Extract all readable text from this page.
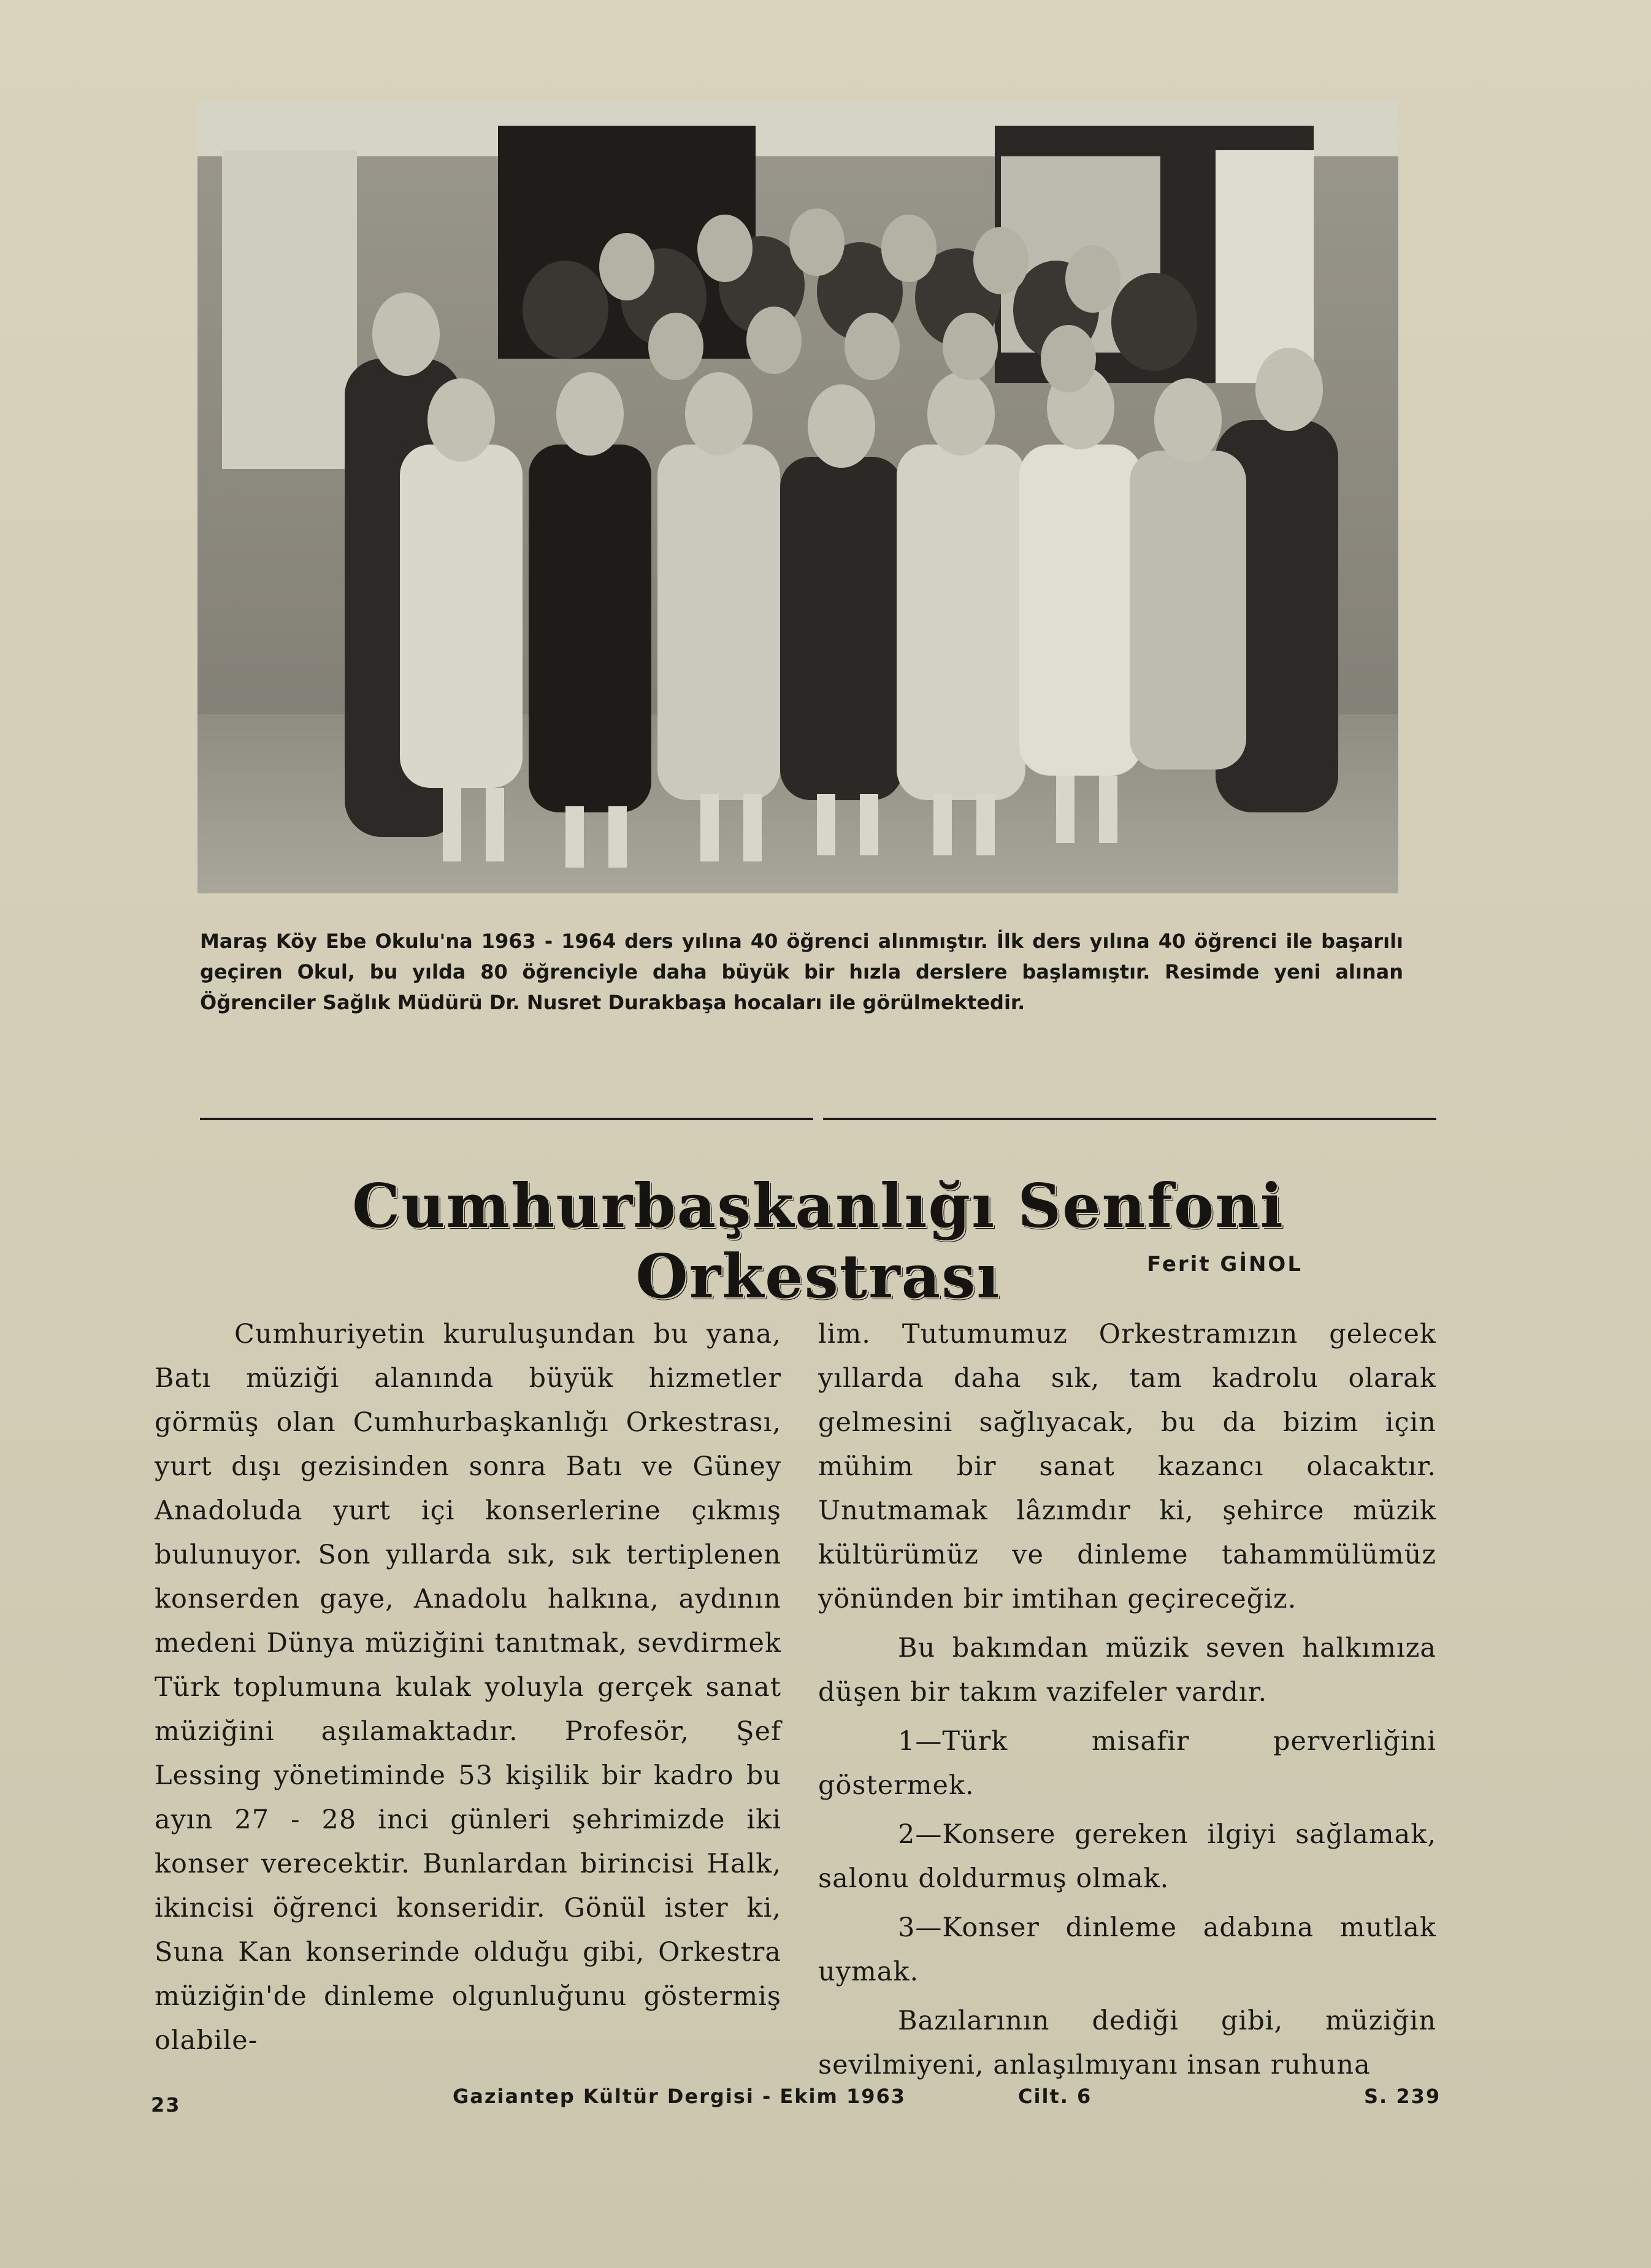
Maraş Köy Ebe Okulu'na 1963 - 1964 ders yılına 40 öğrenci alınmıştır. İlk ders yılına 40 öğrenci ile başarılı geçiren Okul, bu yılda 80 öğrenciyle daha büyük bir hızla derslere başlamıştır. Resimde yeni alınan Öğrenciler Sağlık Müdürü Dr. Nusret Durakbaşa hocaları ile görülmektedir.
Cumhurbaşkanlığı Senfoni Orkestrası	Ferit GİNOL

Cumhuriyetin kuruluşundan bu yana, Batı müziği alanında büyük hizmetler görmüş olan Cumhurbaşkanlığı Orkestrası, yurt dışı gezisinden sonra Batı ve Güney Anadoluda yurt içi konserlerine çıkmış bulunuyor. Son yıllarda sık, sık tertiplenen konserden gaye, Anadolu halkına, aydının medeni Dünya müziğini tanıtmak, sevdirmek Türk toplumuna kulak yoluyla gerçek sanat müziğini aşılamaktadır. Profesör, Şef Lessing yönetiminde 53 kişilik bir kadro bu ayın 27 - 28 inci günleri şehrimizde iki konser verecektir. Bunlardan birincisi Halk, ikincisi öğrenci konseridir. Gönül ister ki, Suna Kan konserinde olduğu gibi, Orkestra müziğin'de dinleme olgunluğunu göstermiş olabile-

lim. Tutumumuz Orkestramızın gelecek yıllarda daha sık, tam kadrolu olarak gelmesini sağlıyacak, bu da bizim için mühim bir sanat kazancı olacaktır. Unutmamak lâzımdır ki, şehirce müzik kültürümüz ve dinleme tahammülümüz yönünden bir imtihan geçireceğiz.

Bu bakımdan müzik seven halkımıza düşen bir takım vazifeler vardır.

1—Türk misafir perverliğini göstermek.

2—Konsere gereken ilgiyi sağlamak, salonu doldurmuş olmak.

3—Konser dinleme adabına mutlak uymak.

Bazılarının dediği gibi, müziğin sevilmiyeni, anlaşılmıyanı insan ruhuna

23	Gaziantep Kültür Dergisi - Ekim 1963	Cilt. 6	S. 239
